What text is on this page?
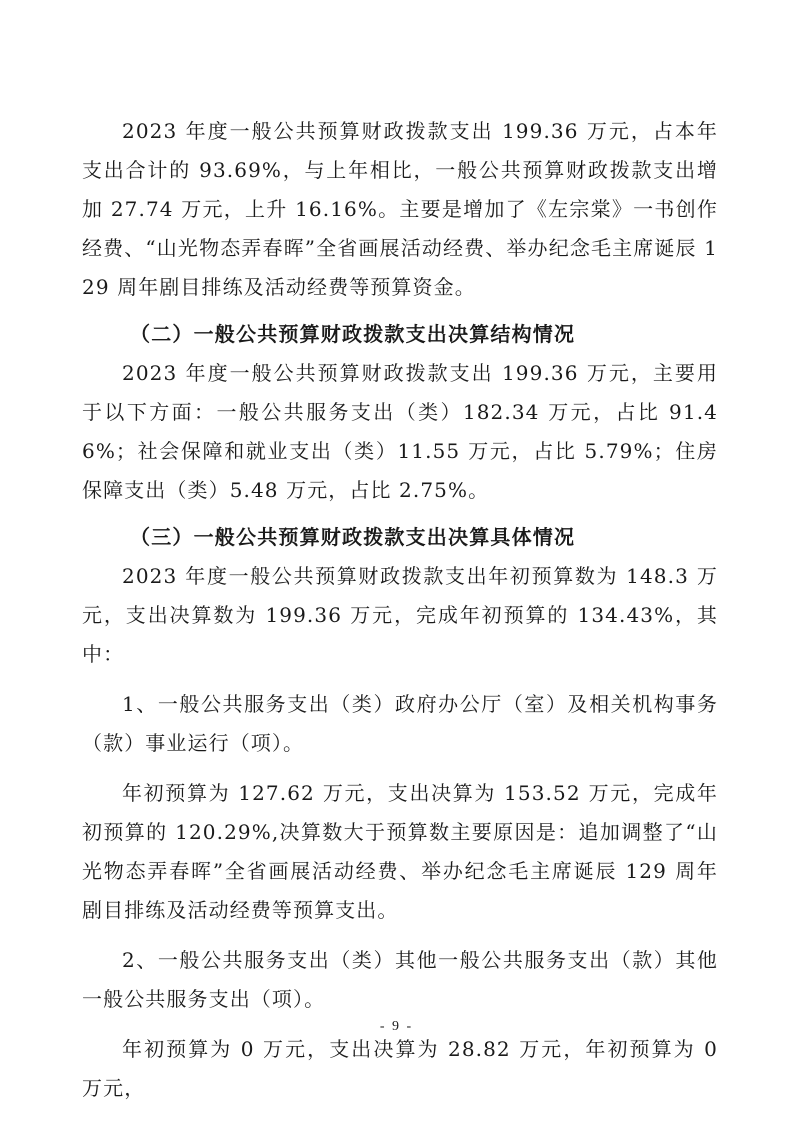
2023 年度一般公共预算财政拨款支出 199.36 万元，占本年支出合计的 93.69%，与上年相比，一般公共预算财政拨款支出增加 27.74 万元，上升 16.16%。主要是增加了《左宗棠》一书创作经费、“山光物态弄春晖”全省画展活动经费、举办纪念毛主席诞辰 129 周年剧目排练及活动经费等预算资金。

（二）一般公共预算财政拨款支出决算结构情况

2023 年度一般公共预算财政拨款支出 199.36 万元，主要用于以下方面：一般公共服务支出（类）182.34 万元，占比 91.46%；社会保障和就业支出（类）11.55 万元，占比 5.79%；住房保障支出（类）5.48 万元，占比 2.75%。

（三）一般公共预算财政拨款支出决算具体情况

2023 年度一般公共预算财政拨款支出年初预算数为 148.3 万元，支出决算数为 199.36 万元，完成年初预算的 134.43%，其中：

1、一般公共服务支出（类）政府办公厅（室）及相关机构事务（款）事业运行（项）。

年初预算为 127.62 万元，支出决算为 153.52 万元，完成年初预算的 120.29%,决算数大于预算数主要原因是：追加调整了“山光物态弄春晖”全省画展活动经费、举办纪念毛主席诞辰 129 周年剧目排练及活动经费等预算支出。

2、一般公共服务支出（类）其他一般公共服务支出（款）其他一般公共服务支出（项）。

年初预算为 0 万元，支出决算为 28.82 万元，年初预算为 0 万元，

- 9 -
